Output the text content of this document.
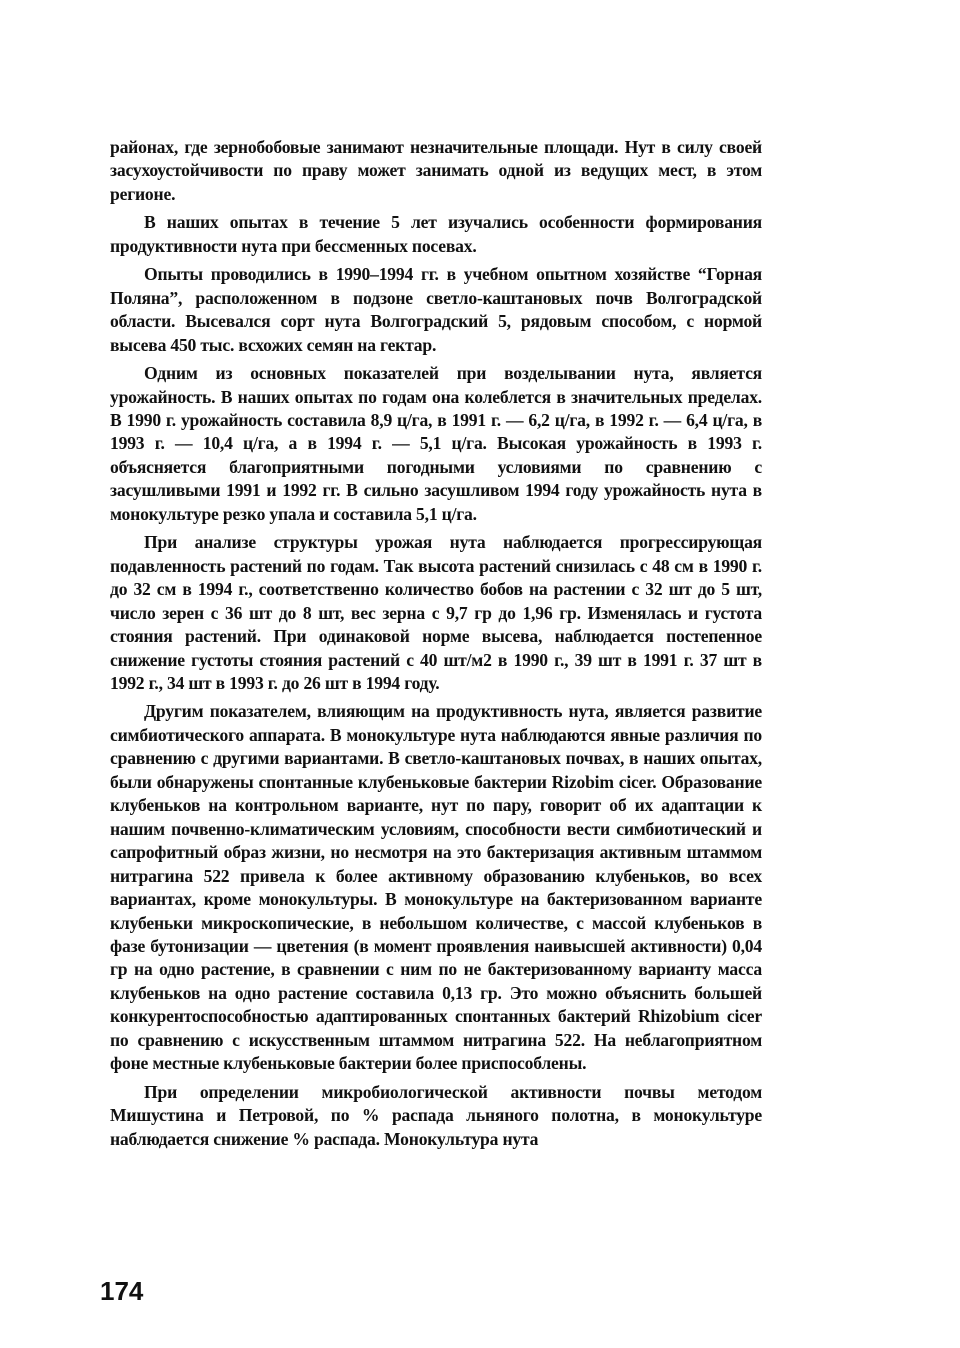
районах, где зернобобовые занимают незначительные площади. Нут в силу своей засухоустойчивости по праву может занимать одной из ведущих мест, в этом регионе.

В наших опытах в течение 5 лет изучались особенности формирования продуктивности нута при бессменных посевах.

Опыты проводились в 1990–1994 гг. в учебном опытном хозяйстве “Горная Поляна”, расположенном в подзоне светло-каштановых почв Волгоградской области. Высевался сорт нута Волгоградский 5, рядовым способом, с нормой высева 450 тыс. всхожих семян на гектар.

Одним из основных показателей при возделывании нута, является урожайность. В наших опытах по годам она колеблется в значительных пределах. В 1990 г. урожайность составила 8,9 ц/га, в 1991 г. — 6,2 ц/га, в 1992 г. — 6,4 ц/га, в 1993 г. — 10,4 ц/га, а в 1994 г. — 5,1 ц/га. Высокая урожайность в 1993 г. объясняется благоприятными погодными условиями по сравнению с засушливыми 1991 и 1992 гг. В сильно засушливом 1994 году урожайность нута в монокультуре резко упала и составила 5,1 ц/га.

При анализе структуры урожая нута наблюдается прогрессирующая подавленность растений по годам. Так высота растений снизилась с 48 см в 1990 г. до 32 см в 1994 г., соответственно количество бобов на растении с 32 шт до 5 шт, число зерен с 36 шт до 8 шт, вес зерна с 9,7 гр до 1,96 гр. Изменялась и густота стояния растений. При одинаковой норме высева, наблюдается постепенное снижение густоты стояния растений с 40 шт/м2 в 1990 г., 39 шт в 1991 г. 37 шт в 1992 г., 34 шт в 1993 г. до 26 шт в 1994 году.

Другим показателем, влияющим на продуктивность нута, является развитие симбиотического аппарата. В монокультуре нута наблюдаются явные различия по сравнению с другими вариантами. В светло-каштановых почвах, в наших опытах, были обнаружены спонтанные клубеньковые бактерии Rizobim cicer. Образование клубеньков на контрольном варианте, нут по пару, говорит об их адаптации к нашим почвенно-климатическим условиям, способности вести симбиотический и сапрофитный образ жизни, но несмотря на это бактеризация активным штаммом нитрагина 522 привела к более активному образованию клубеньков, во всех вариантах, кроме монокультуры. В монокультуре на бактеризованном варианте клубеньки микроскопические, в небольшом количестве, с массой клубеньков в фазе бутонизации — цветения (в момент проявления наивысшей активности) 0,04 гр на одно растение, в сравнении с ним по не бактеризованному варианту масса клубеньков на одно растение составила 0,13 гр. Это можно объяснить большей конкурентоспособностью адаптированных спонтанных бактерий Rhizobium cicer по сравнению с искусственным штаммом нитрагина 522. На неблагоприятном фоне местные клубеньковые бактерии более приспособлены.

При определении микробиологической активности почвы методом Мишустина и Петровой, по % распада льняного полотна, в монокультуре наблюдается снижение % распада. Монокультура нута

174
